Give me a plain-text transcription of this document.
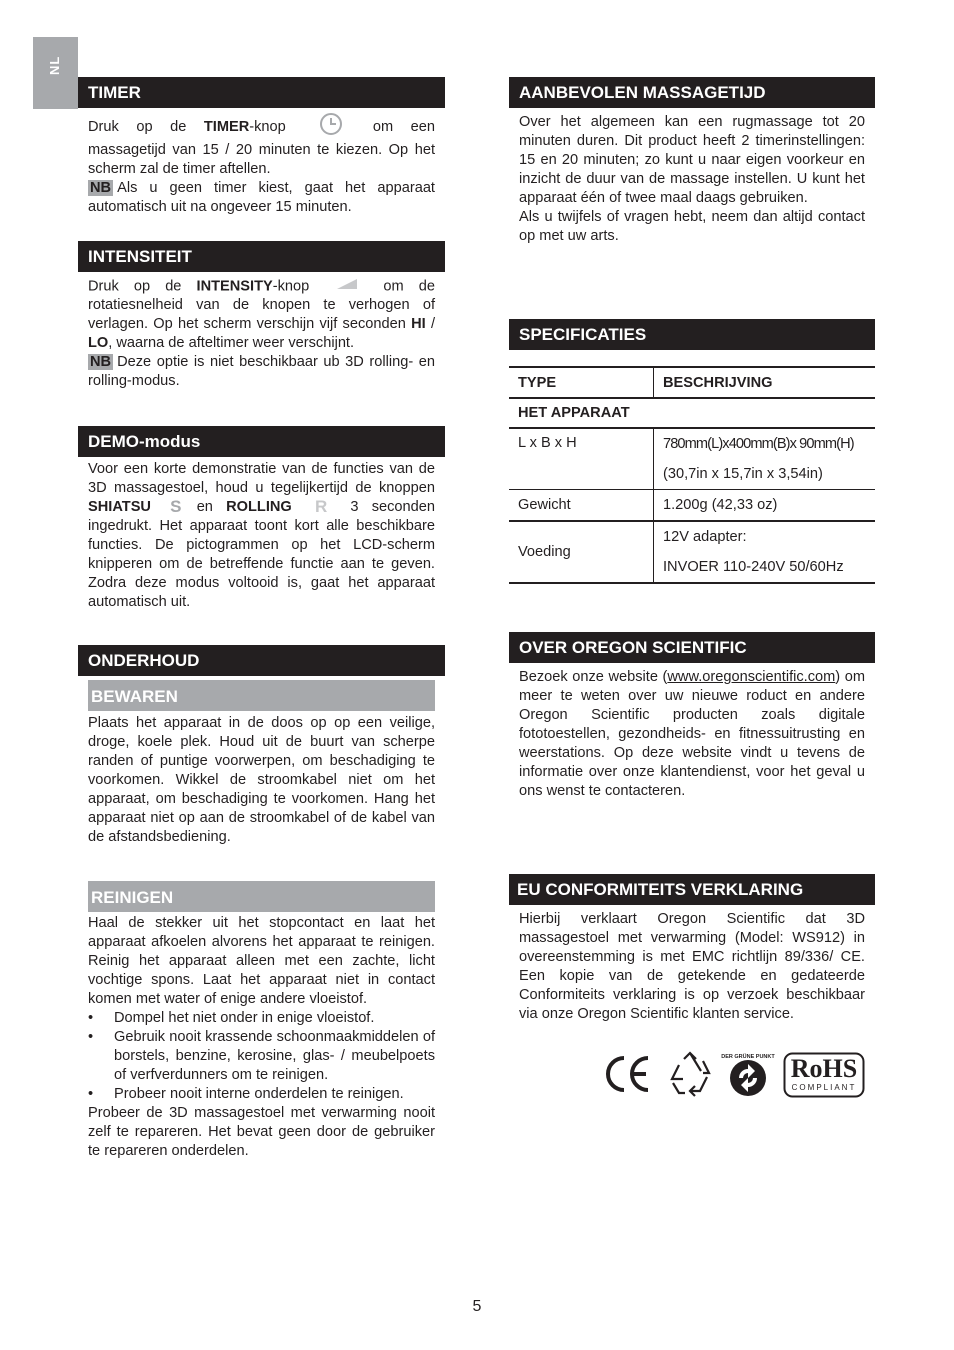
NL
TIMER

Druk op de TIMER-knop	om een massagetijd van 15 / 20 minuten te kiezen. Op het scherm zal de timer aftellen.

NB Als u geen timer kiest, gaat het apparaat automatisch uit na ongeveer 15 minuten.

INTENSITEIT

Druk op de INTENSITY-knop	om de rotatiesnelheid van de knopen te verhogen of verlagen. Op het scherm verschijn vijf seconden HI / LO, waarna de afteltimer weer verschijnt.

NB Deze optie is niet beschikbaar ub 3D rolling- en rolling-modus.

DEMO-modus

Voor een korte demonstratie van de functies van de 3D massagestoel, houd u tegelijkertijd de knoppen SHIATSU S en ROLLING R 3 seconden ingedrukt. Het apparaat toont kort alle beschikbare functies. De pictogrammen op het LCD-scherm knipperen om de betreffende functie aan te geven. Zodra deze modus voltooid is, gaat het apparaat automatisch uit.

ONDERHOUD
BEWAREN

Plaats het apparaat in de doos op op een veilige, droge, koele plek. Houd uit de buurt van scherpe randen of puntige voorwerpen, om beschadiging te voorkomen. Wikkel de stroomkabel niet om het apparaat, om beschadiging te voorkomen. Hang het apparaat niet op aan de stroomkabel of de kabel van de afstandsbediening.

REINIGEN

Haal de stekker uit het stopcontact en laat het apparaat afkoelen alvorens het apparaat te reinigen. Reinig het apparaat alleen met een zachte, licht vochtige spons. Laat het apparaat niet in contact komen met water of enige andere vloeistof.

• Dompel het niet onder in enige vloeistof.
• Gebruik nooit krassende schoonmaakmiddelen of borstels, benzine, kerosine, glas- / meubelpoets of verfverdunners om te reinigen.
• Probeer nooit interne onderdelen te reinigen.

Probeer de 3D massagestoel met verwarming nooit zelf te repareren. Het bevat geen door de gebruiker te repareren onderdelen.

AANBEVOLEN MASSAGETIJD

Over het algemeen kan een rugmassage tot 20 minuten duren. Dit product heeft 2 timerinstellingen: 15 en 20 minuten; zo kunt u naar eigen voorkeur en inzicht de duur van de massage instellen. U kunt het apparaat één of twee maal daags gebruiken.

Als u twijfels of vragen hebt, neem dan altijd contact op met uw arts.

SPECIFICATIES
TYPE	BESCHRIJVING
HET APPARAAT	
L x B x H	780mm(L)x400mm(B)x 90mm(H)
(30,7in x 15,7in x 3,54in)

Gewicht	1.200g (42,33 oz)
Voeding	12V adapter:
INVOER 110-240V 50/60Hz
OVER OREGON SCIENTIFIC

Bezoek onze website (www.oregonscientific.com) om meer te weten over uw nieuwe roduct en andere Oregon Scientific producten zoals digitale fototoestellen, gezondheids- en fitnessuitrusting en weerstations. Op deze website vindt u tevens de informatie over onze klantendienst, voor het geval u ons wenst te contacteren.

EU CONFORMITEITS VERKLARING

Hierbij verklaart Oregon Scientific dat 3D massagestoel met verwarming (Model: WS912) in overeenstemming is met EMC richtlijn 89/336/ CE. Een kopie van de getekende en gedateerde Conformiteits verklaring is op verzoek beschikbaar via onze Oregon Scientific klanten service.

DER GRÜNE PUNKT RoHS
COMPLIANT
5
